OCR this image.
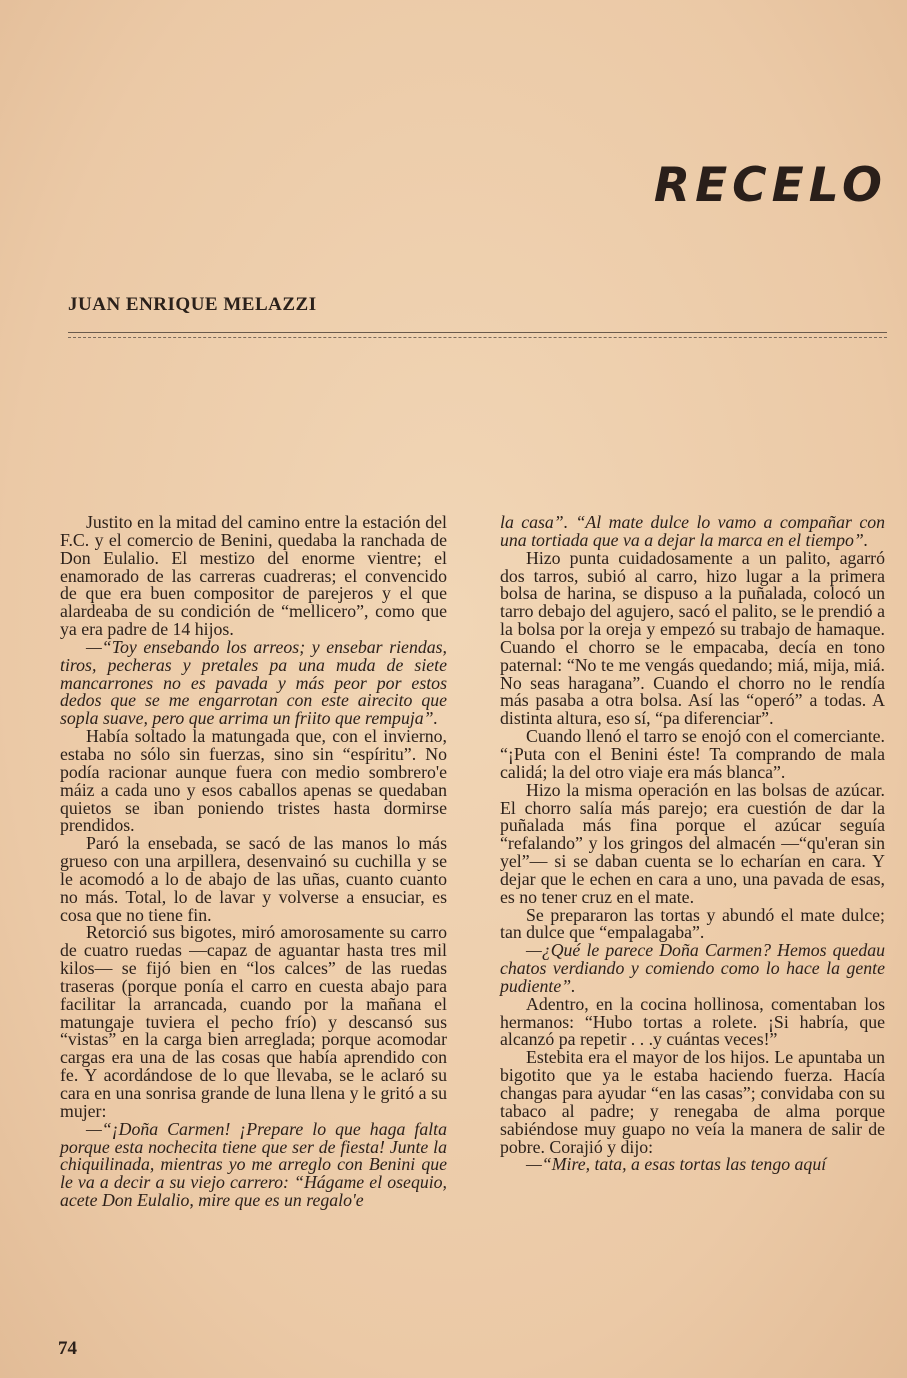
RECELO
JUAN ENRIQUE MELAZZI

Justito en la mitad del camino entre la estación del F.C. y el comercio de Benini, quedaba la ranchada de Don Eulalio. El mestizo del enorme vientre; el enamorado de las carreras cuadreras; el convencido de que era buen compositor de parejeros y el que alardeaba de su condición de “mellicero”, como que ya era padre de 14 hijos.

—“Toy ensebando los arreos; y ensebar riendas, tiros, pecheras y pretales pa una muda de siete mancarrones no es pavada y más peor por estos dedos que se me engarrotan con este airecito que sopla suave, pero que arrima un friito que rempuja”.

Había soltado la matungada que, con el invierno, estaba no sólo sin fuerzas, sino sin “espíritu”. No podía racionar aunque fuera con medio sombrero'e máiz a cada uno y esos caballos apenas se quedaban quietos se iban poniendo tristes hasta dormirse prendidos.

Paró la ensebada, se sacó de las manos lo más grueso con una arpillera, desenvainó su cuchilla y se le acomodó a lo de abajo de las uñas, cuanto cuanto no más. Total, lo de lavar y volverse a ensuciar, es cosa que no tiene fin.

Retorció sus bigotes, miró amorosamente su carro de cuatro ruedas —capaz de aguantar hasta tres mil kilos— se fijó bien en “los calces” de las ruedas traseras (porque ponía el carro en cuesta abajo para facilitar la arrancada, cuando por la mañana el matungaje tuviera el pecho frío) y descansó sus “vistas” en la carga bien arreglada; porque acomodar cargas era una de las cosas que había aprendido con fe. Y acordándose de lo que llevaba, se le aclaró su cara en una sonrisa grande de luna llena y le gritó a su mujer:

—“¡Doña Carmen! ¡Prepare lo que haga falta porque esta nochecita tiene que ser de fiesta! Junte la chiquilinada, mientras yo me arreglo con Benini que le va a decir a su viejo carrero: “Hágame el osequio, acete Don Eulalio, mire que es un regalo'e

la casa”. “Al mate dulce lo vamo a compañar con una tortiada que va a dejar la marca en el tiempo”.

Hizo punta cuidadosamente a un palito, agarró dos tarros, subió al carro, hizo lugar a la primera bolsa de harina, se dispuso a la puñalada, colocó un tarro debajo del agujero, sacó el palito, se le prendió a la bolsa por la oreja y empezó su trabajo de hamaque. Cuando el chorro se le empacaba, decía en tono paternal: “No te me vengás quedando; miá, mija, miá. No seas haragana”. Cuando el chorro no le rendía más pasaba a otra bolsa. Así las “operó” a todas. A distinta altura, eso sí, “pa diferenciar”.

Cuando llenó el tarro se enojó con el comerciante. “¡Puta con el Benini éste! Ta comprando de mala calidá; la del otro viaje era más blanca”.

Hizo la misma operación en las bolsas de azúcar. El chorro salía más parejo; era cuestión de dar la puñalada más fina porque el azúcar seguía “refalando” y los gringos del almacén —“qu'eran sin yel”— si se daban cuenta se lo echarían en cara. Y dejar que le echen en cara a uno, una pavada de esas, es no tener cruz en el mate.

Se prepararon las tortas y abundó el mate dulce; tan dulce que “empalagaba”.

—¿Qué le parece Doña Carmen? Hemos quedau chatos verdiando y comiendo como lo hace la gente pudiente”.

Adentro, en la cocina hollinosa, comentaban los hermanos: “Hubo tortas a rolete. ¡Si habría, que alcanzó pa repetir . . .y cuántas veces!”

Estebita era el mayor de los hijos. Le apuntaba un bigotito que ya le estaba haciendo fuerza. Hacía changas para ayudar “en las casas”; convidaba con su tabaco al padre; y renegaba de alma porque sabiéndose muy guapo no veía la manera de salir de pobre. Corajió y dijo:

—“Mire, tata, a esas tortas las tengo aquí

74
